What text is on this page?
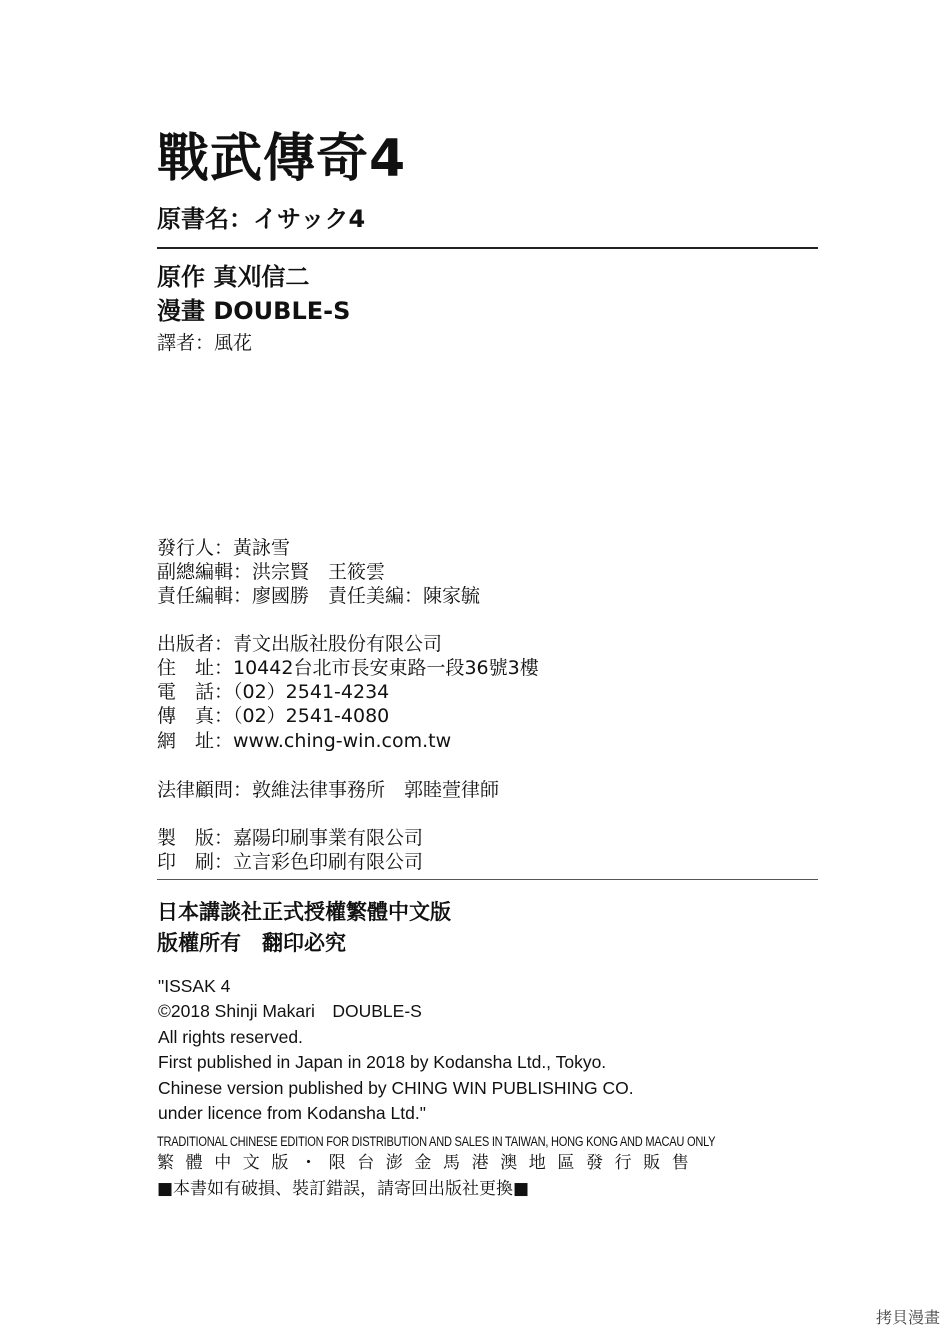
戰武傳奇4
原書名：イサック4
原作 真刈信二
漫畫 DOUBLE-S
譯者：風花
發行人：黃詠雪
副總編輯：洪宗賢　王筱雲
責任編輯：廖國勝　責任美編：陳家毓
出版者：青文出版社股份有限公司
住　址：10442台北市長安東路一段36號3樓
電　話：（02）2541-4234
傳　真：（02）2541-4080
網　址：www.ching-win.com.tw
法律顧問：敦維法律事務所　郭睦萱律師
製　版：嘉陽印刷事業有限公司
印　刷：立言彩色印刷有限公司
日本講談社正式授權繁體中文版
版權所有　翻印必究
"ISSAK 4
©2018 Shinji Makari　DOUBLE-S
All rights reserved.
First published in Japan in 2018 by Kodansha Ltd., Tokyo.
Chinese version published by CHING WIN PUBLISHING CO.
under licence from Kodansha Ltd."
TRADITIONAL CHINESE EDITION FOR DISTRIBUTION AND SALES IN TAIWAN, HONG KONG AND MACAU ONLY
繁體中文版・限台澎金馬港澳地區發行販售
■本書如有破損、裝訂錯誤，請寄回出版社更換■
拷貝漫畫
